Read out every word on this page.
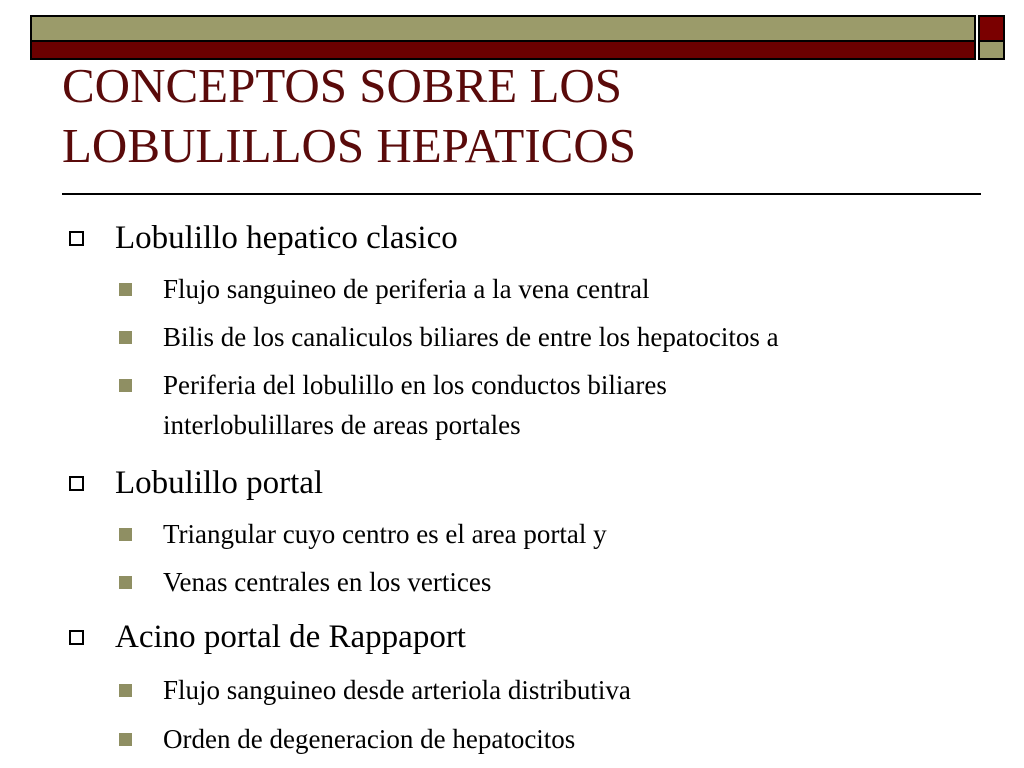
CONCEPTOS SOBRE LOS
LOBULILLOS HEPATICOS
Lobulillo hepatico clasico
Flujo sanguineo de periferia a la vena central
Bilis de los canaliculos biliares de entre los hepatocitos a
Periferia del lobulillo en los conductos biliares interlobulillares de areas portales
Lobulillo portal
Triangular cuyo centro es el area portal y
Venas centrales en los vertices
Acino portal de Rappaport
Flujo sanguineo desde arteriola distributiva
Orden de degeneracion de hepatocitos
